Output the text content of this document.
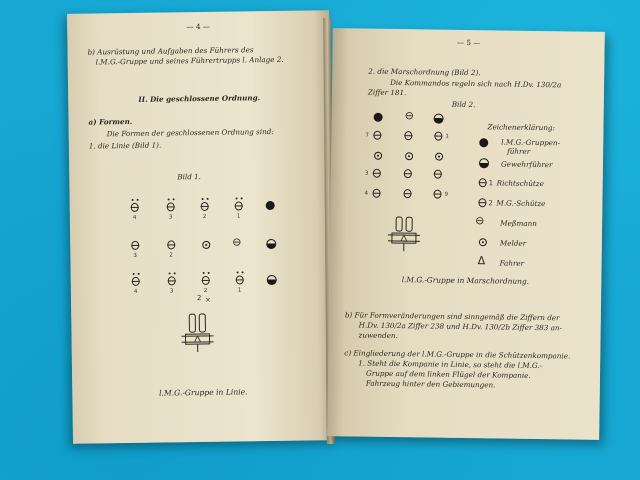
— 4 —
b) Ausrüstung und Aufgaben des Führers des
l.M.G.-Gruppe und seines Führertrupps l. Anlage 2.
II. Die geschlossene Ordnung.
a) Formen.
Die Formen der geschlossenen Ordnung sind:
1. die Linie (Bild 1).
Bild 1.
4	3	2	1
3	2
⊖
4	3	2	1
2 ×
l.M.G.-Gruppe in Linie.
— 5 —
2. die Marschordnung (Bild 2).
Die Kommandos regeln sich nach H.Dv. 130/2a
Ziffer 181.
Bild 2.
⊖
7	1
3
4	9
Zeichenerklärung:
l.M.G.-Gruppen-
führer
Gewehrführer
1 Richtschütze
2 M.G.-Schütze
⊖ Meßmann
Melder
Δ Fahrer
l.M.G.-Gruppe in Marschordnung.
b) Für Formveränderungen sind sinngemäß die Ziffern der
H.Dv. 130/2a Ziffer 238 und H.Dv. 130/2b Ziffer 383 an-
zuwenden.
c) Eingliederung der l.M.G.-Gruppe in die Schützenkompanie.
1. Steht die Kompanie in Linie, so steht die l.M.G.-
Gruppe auf dem linken Flügel der Kompanie.
Fahrzeug hinter den Gebiemungen.
